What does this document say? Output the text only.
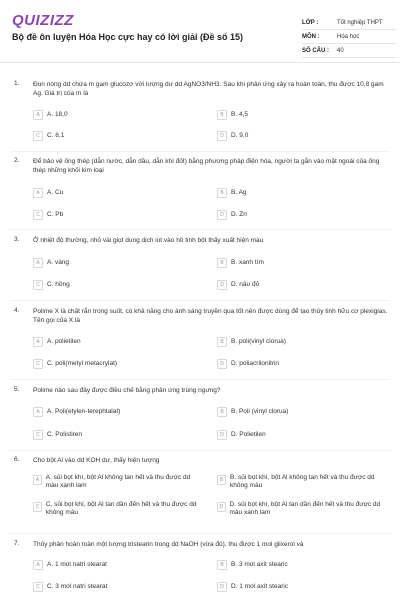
QUIZIZZ
Bộ đề ôn luyện Hóa Học cực hay có lời giải (Đề số 15)
LỚP :	Tốt nghiệp THPT
MÔN :	Hóa học
SỐ CÂU :	40
1. Đun nóng dd chứa m gam glucozơ với lượng dư dd AgNO3/NH3. Sau khi phản ứng xảy ra hoàn toàn, thu được 10,8 gam Ag. Giá trị của m là
A	A. 18,0	B	B. 4,5
C	C. 8,1	D	D. 9,0
2. Để bảo vệ ống thép (dẫn nước, dẫn dầu, dẫn khí đốt) bằng phương pháp điện hóa, người ta gắn vào mặt ngoài của ống thép những khối kim loại
A	A. Cu	B	B. Ag
C	C. Pb	D	D. Zn
3. Ở nhiệt độ thường, nhỏ vài giọt dung dịch iot vào hồ tinh bột thấy xuất hiện màu
A	A. vàng	B	B. xanh tím
C	C. hồng	D	D. nâu đỏ
4. Polime X là chất rắn trong suốt, có khả năng cho ánh sáng truyền qua tốt nên được dùng để tạo thủy tinh hữu cơ plexiglas. Tên gọi của X là
A	A. polietilen	B	B. poli(vinyl clorua)
C	C. poli(metyl metacrylat)	D	D. poliacrilonitrin
5. Polime nào sau đây được điều chế bằng phản ứng trùng ngưng?
A	A. Poli(etylen-terephtalat)	B	B. Poli (vinyl clorua)
C	C. Polistiren	D	D. Polietilen
6. Cho bột Al vào dd KOH dư, thấy hiện tượng
A	A. sủi bọt khí, bột Al không tan hết và thu được dd màu xanh lam
B	B. sủi bọt khí, bột Al không tan hết và thu được dd không màu
C	C. sủi bọt khí, bột Al tan dần đến hết và thu được dd không màu
D D. sủi bọt khí, bột Al tan dần đến hết và thu được dd màu xanh lam
7. Thủy phân hoàn toàn một lượng tristearin trong dd NaOH (vừa đủ), thu được 1 mol glixerol và
A	A. 1 mol natri stearat	B	B. 3 mol axit stearic
C	C. 3 mol natri stearat	D	D. 1 mol axit stearic
